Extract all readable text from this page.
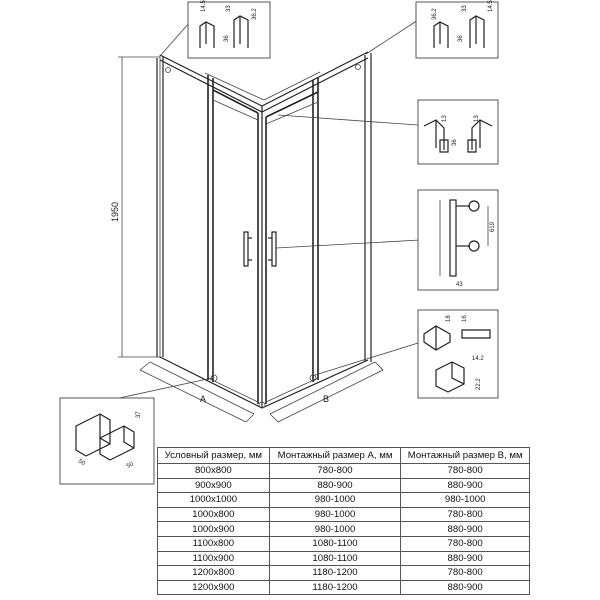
1950
A	B
14.5	33	36.2
36
36.2	33	14.5
36
13	13
36
619
43
18 16
14.2
22.2
37
50	50
Условный размер, мм	Монтажный размер А, мм	Монтажный размер B, мм
800x800	780-800	780-800
900x900	880-900	880-900
1000x1000	980-1000	980-1000
1000x800	980-1000	780-800
1000x900	980-1000	880-900
1100x800	1080-1100	780-800
1100x900	1080-1100	880-900
1200x800	1180-1200	780-800
1200x900	1180-1200	880-900
